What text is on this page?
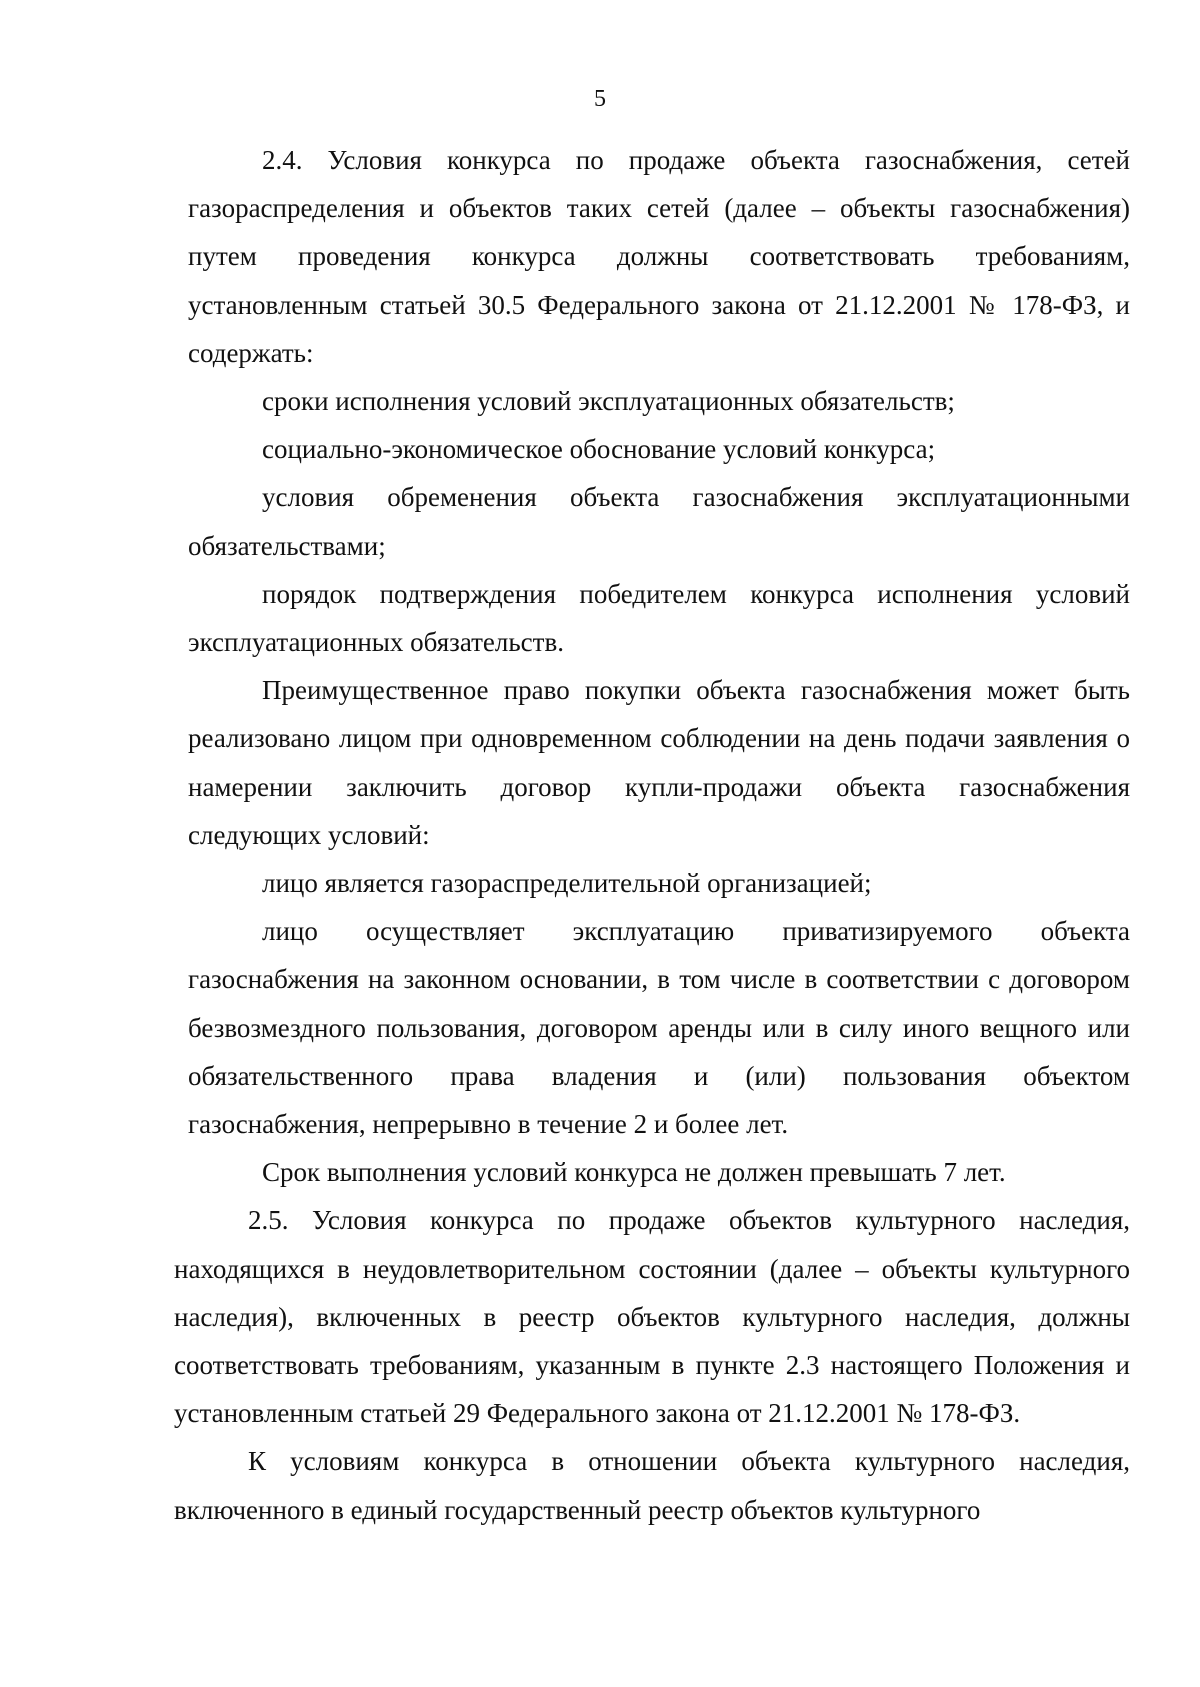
5

2.4. Условия конкурса по продаже объекта газоснабжения, сетей газораспределения и объектов таких сетей (далее – объекты газоснабжения) путем проведения конкурса должны соответствовать требованиям, установленным статьей 30.5 Федерального закона от 21.12.2001 № 178-ФЗ, и содержать:

сроки исполнения условий эксплуатационных обязательств;

социально-экономическое обоснование условий конкурса;

условия обременения объекта газоснабжения эксплуатационными обязательствами;

порядок подтверждения победителем конкурса исполнения условий эксплуатационных обязательств.

Преимущественное право покупки объекта газоснабжения может быть реализовано лицом при одновременном соблюдении на день подачи заявления о намерении заключить договор купли-продажи объекта газоснабжения следующих условий:

лицо является газораспределительной организацией;

лицо осуществляет эксплуатацию приватизируемого объекта газоснабжения на законном основании, в том числе в соответствии с договором безвозмездного пользования, договором аренды или в силу иного вещного или обязательственного права владения и (или) пользования объектом газоснабжения, непрерывно в течение 2 и более лет.

Срок выполнения условий конкурса не должен превышать 7 лет.

2.5. Условия конкурса по продаже объектов культурного наследия, находящихся в неудовлетворительном состоянии (далее – объекты культурного наследия), включенных в реестр объектов культурного наследия, должны соответствовать требованиям, указанным в пункте 2.3 настоящего Положения и установленным статьей 29 Федерального закона от 21.12.2001 № 178-ФЗ.

К условиям конкурса в отношении объекта культурного наследия, включенного в единый государственный реестр объектов культурного
